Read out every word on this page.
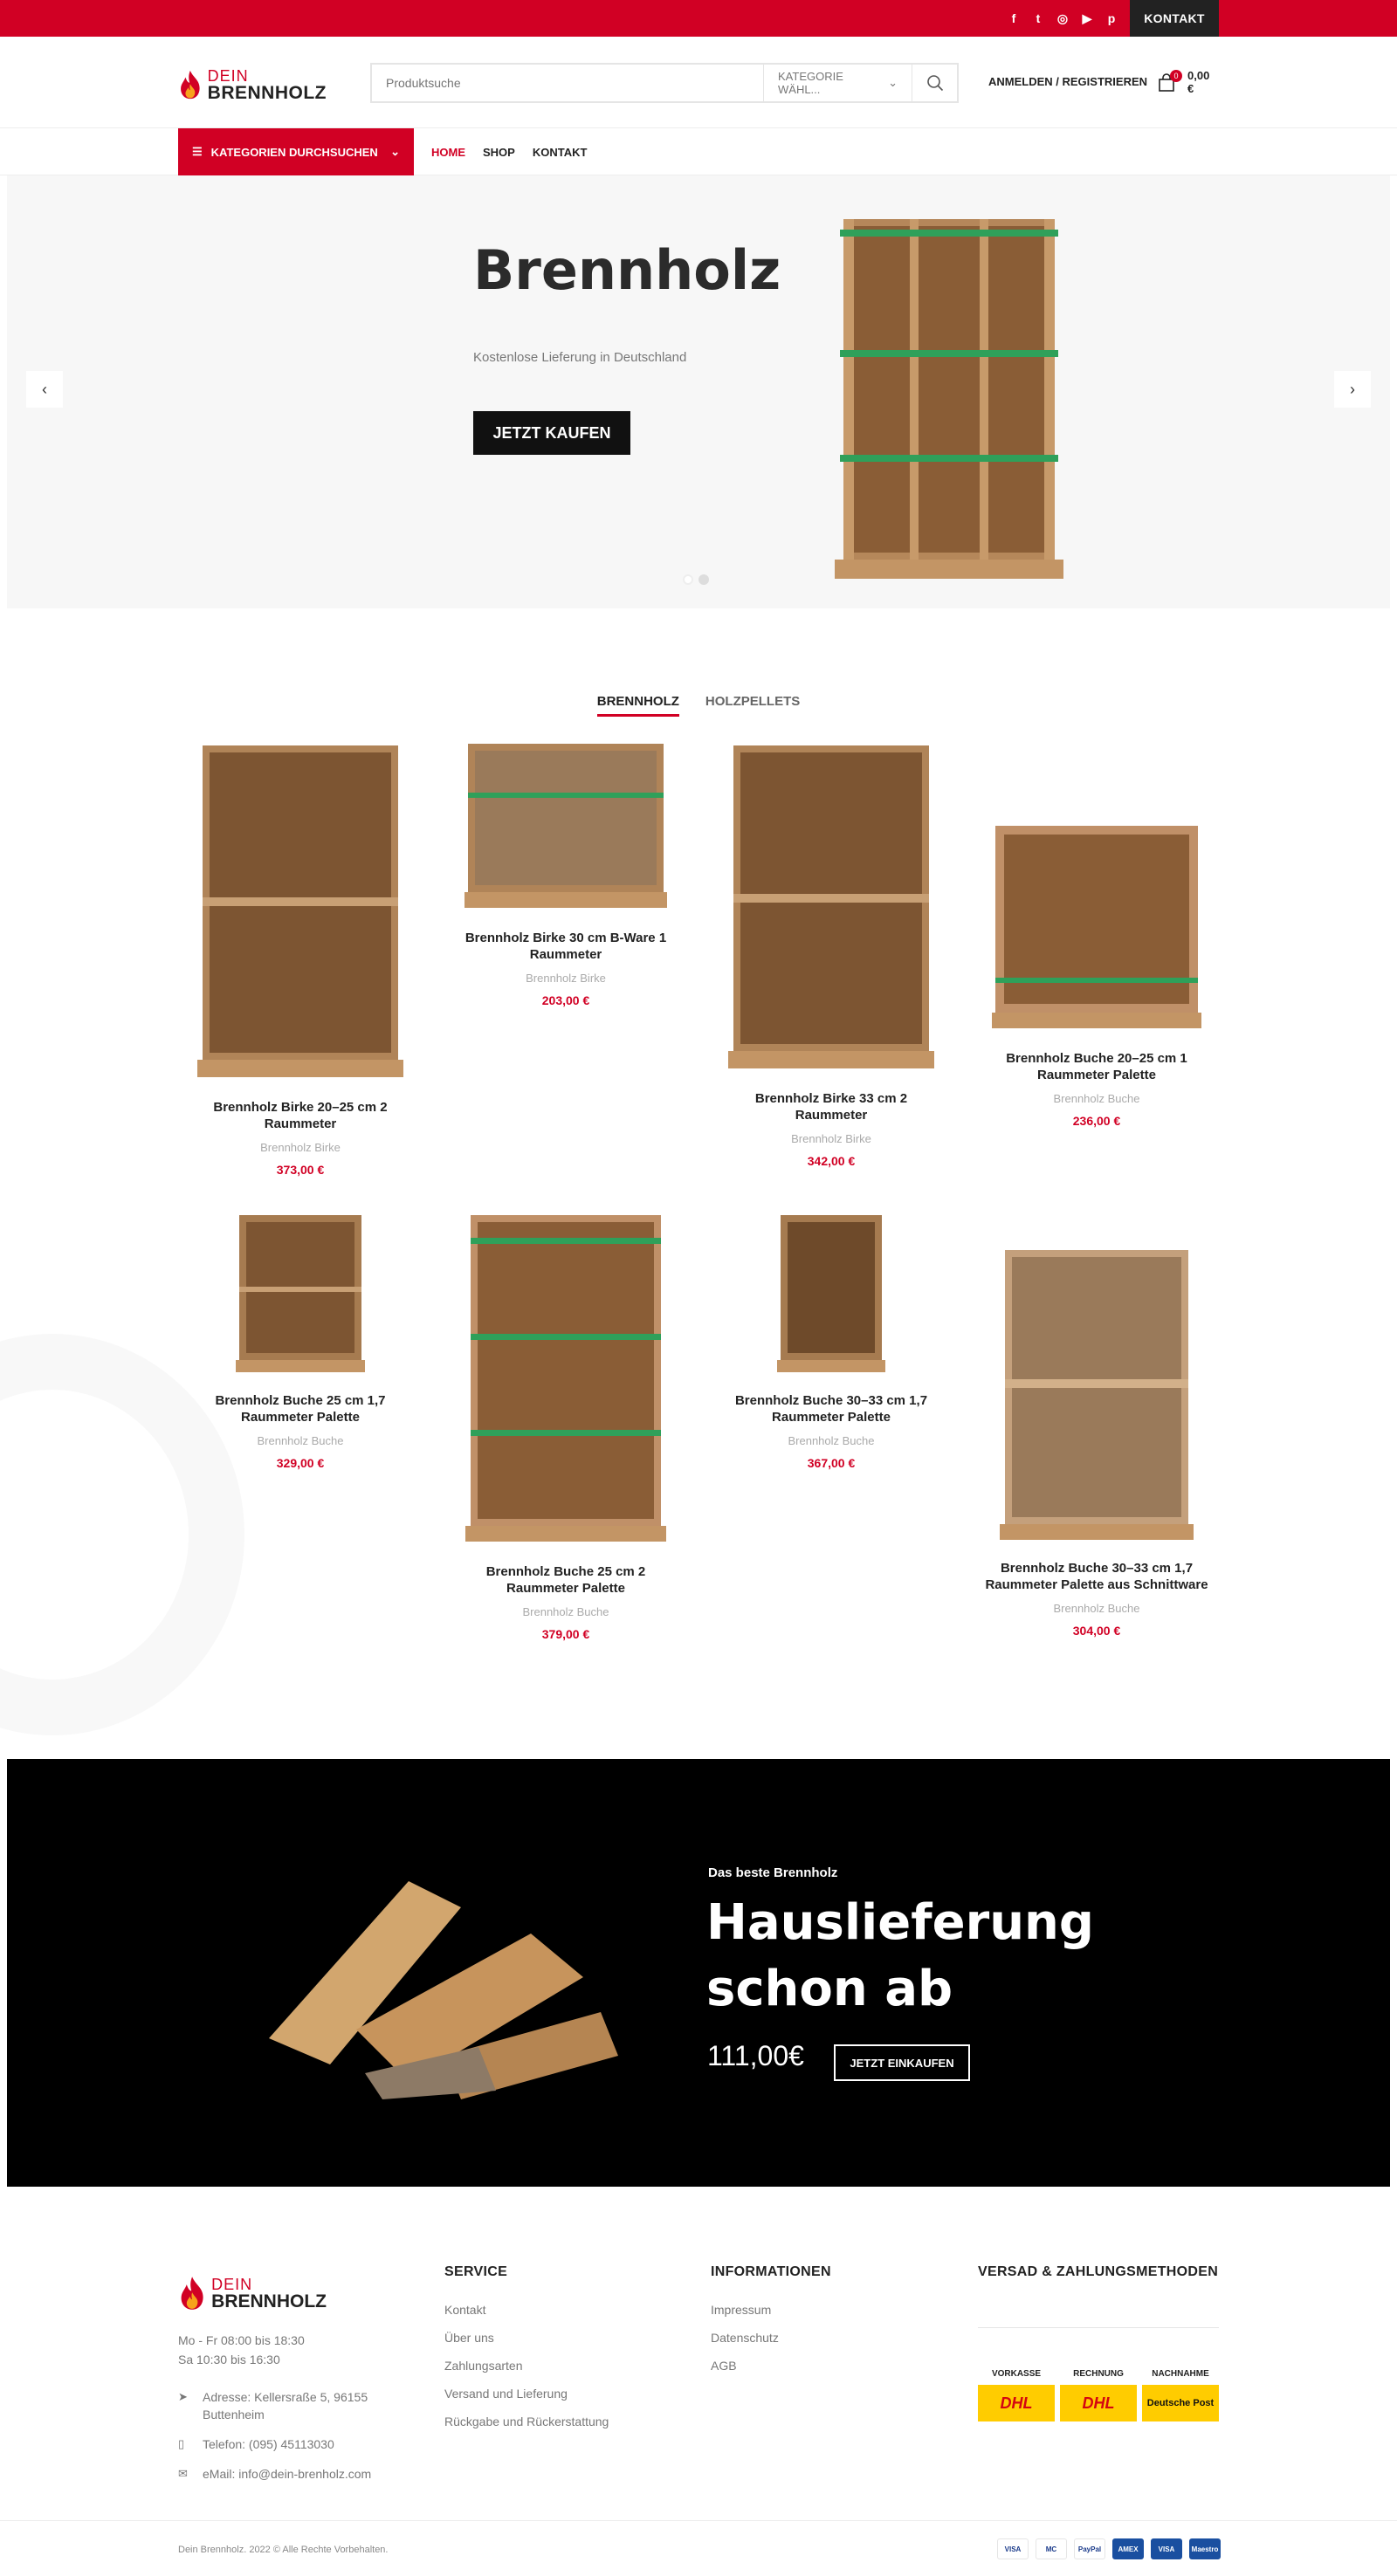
f	t	◎ ▶ p	KONTAKT
DEIN
BRENNHOLZ
Produktsuche
KATEGORIE WÄHL...
⌄	ANMELDEN / REGISTRIEREN	0 0,00 €
☰ KATEGORIEN DURCHSUCHEN	⌄	HOME SHOP KONTAKT
‹	›
Brennholz
Kostenlose Lieferung in Deutschland
JETZT KAUFEN
BRENNHOLZ HOLZPELLETS
Brennholz Birke 20–25 cm 2 Raummeter
Brennholz Birke
373,00 €
Brennholz Birke 30 cm B-Ware 1 Raummeter
Brennholz Birke
203,00 €
Brennholz Birke 33 cm 2 Raummeter
Brennholz Birke
342,00 €
Brennholz Buche 20–25 cm 1 Raummeter Palette
Brennholz Buche
236,00 €
Brennholz Buche 25 cm 1,7 Raummeter Palette
Brennholz Buche
329,00 €
Brennholz Buche 25 cm 2 Raummeter Palette
Brennholz Buche
379,00 €
Brennholz Buche 30–33 cm 1,7 Raummeter Palette
Brennholz Buche
367,00 €
Brennholz Buche 30–33 cm 1,7 Raummeter Palette aus Schnittware
Brennholz Buche
304,00 €
Das beste Brennholz
Hauslieferung schon ab
111,00€	JETZT EINKAUFEN
DEIN
BRENNHOLZ
Mo - Fr 08:00 bis 18:30
Sa 10:30 bis 16:30
➤	Adresse: Kellersraße 5, 96155 Buttenheim
▯	Telefon: (095) 45113030
✉	eMail: info@dein-brenholz.com
SERVICE
Kontakt
Über uns
Zahlungsarten
Versand und Lieferung
Rückgabe und Rückerstattung
INFORMATIONEN
Impressum
Datenschutz
AGB
VERSAD & ZAHLUNGSMETHODEN
VORKASSE
DHL
RECHNUNG
DHL
NACHNAHME
Deutsche Post
Dein Brennholz. 2022 © Alle Rechte Vorbehalten.	VISA	MC	PayPal	AMEX	VISA	Maestro
